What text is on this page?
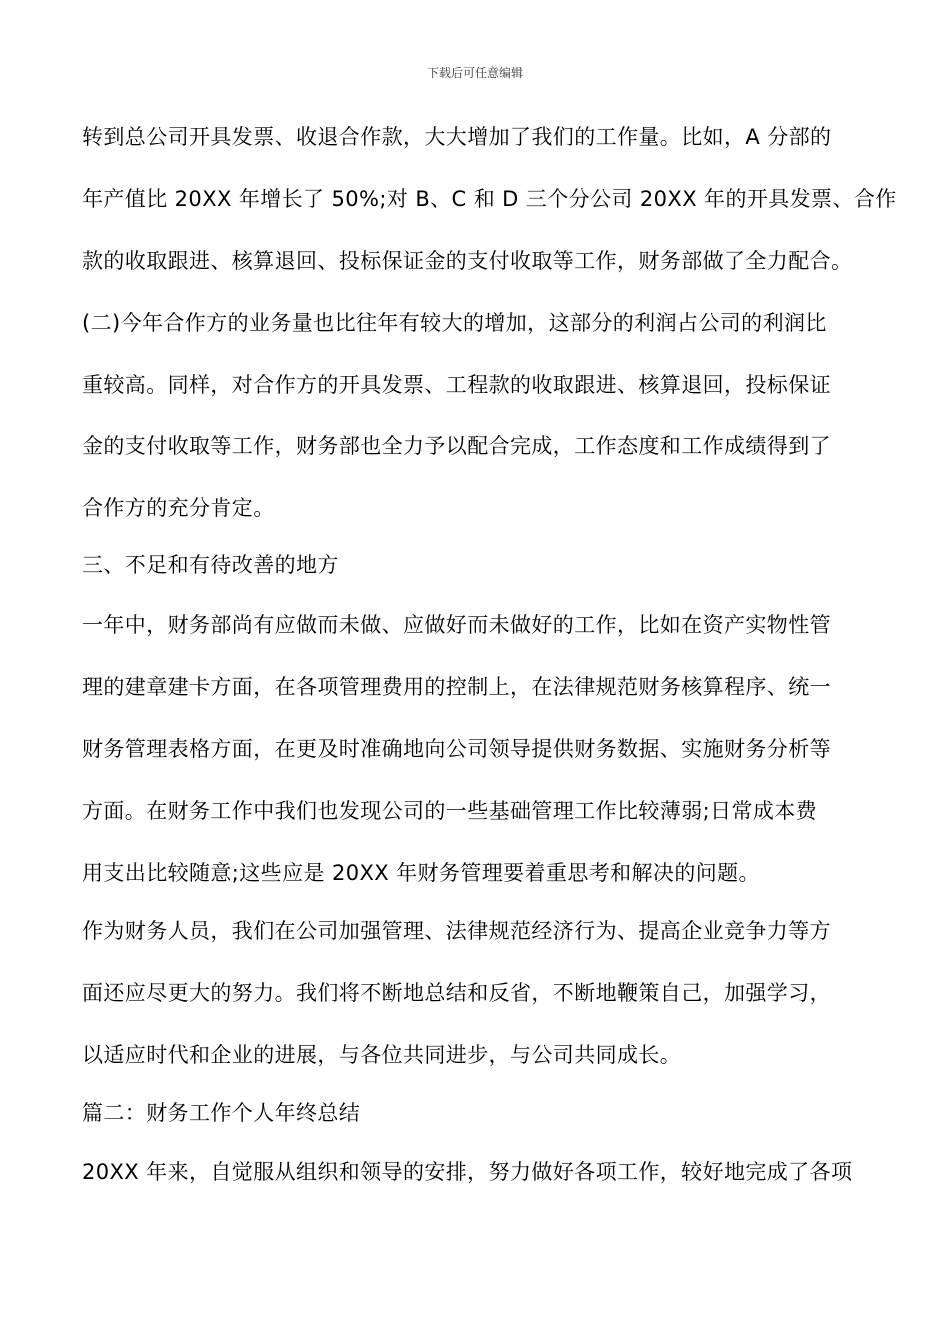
下载后可任意编辑
转到总公司开具发票、收退合作款，大大增加了我们的工作量。比如，A 分部的
年产值比 20XX 年增长了 50%;对 B、C 和 D 三个分公司 20XX 年的开具发票、合作
款的收取跟进、核算退回、投标保证金的支付收取等工作，财务部做了全力配合。
(二)今年合作方的业务量也比往年有较大的增加，这部分的利润占公司的利润比
重较高。同样，对合作方的开具发票、工程款的收取跟进、核算退回，投标保证
金的支付收取等工作，财务部也全力予以配合完成，工作态度和工作成绩得到了
合作方的充分肯定。
三、不足和有待改善的地方
一年中，财务部尚有应做而未做、应做好而未做好的工作，比如在资产实物性管
理的建章建卡方面，在各项管理费用的控制上，在法律规范财务核算程序、统一
财务管理表格方面，在更及时准确地向公司领导提供财务数据、实施财务分析等
方面。在财务工作中我们也发现公司的一些基础管理工作比较薄弱;日常成本费
用支出比较随意;这些应是 20XX 年财务管理要着重思考和解决的问题。
作为财务人员，我们在公司加强管理、法律规范经济行为、提高企业竞争力等方
面还应尽更大的努力。我们将不断地总结和反省，不断地鞭策自己，加强学习，
以适应时代和企业的进展，与各位共同进步，与公司共同成长。
篇二：财务工作个人年终总结
20XX 年来，自觉服从组织和领导的安排，努力做好各项工作，较好地完成了各项
